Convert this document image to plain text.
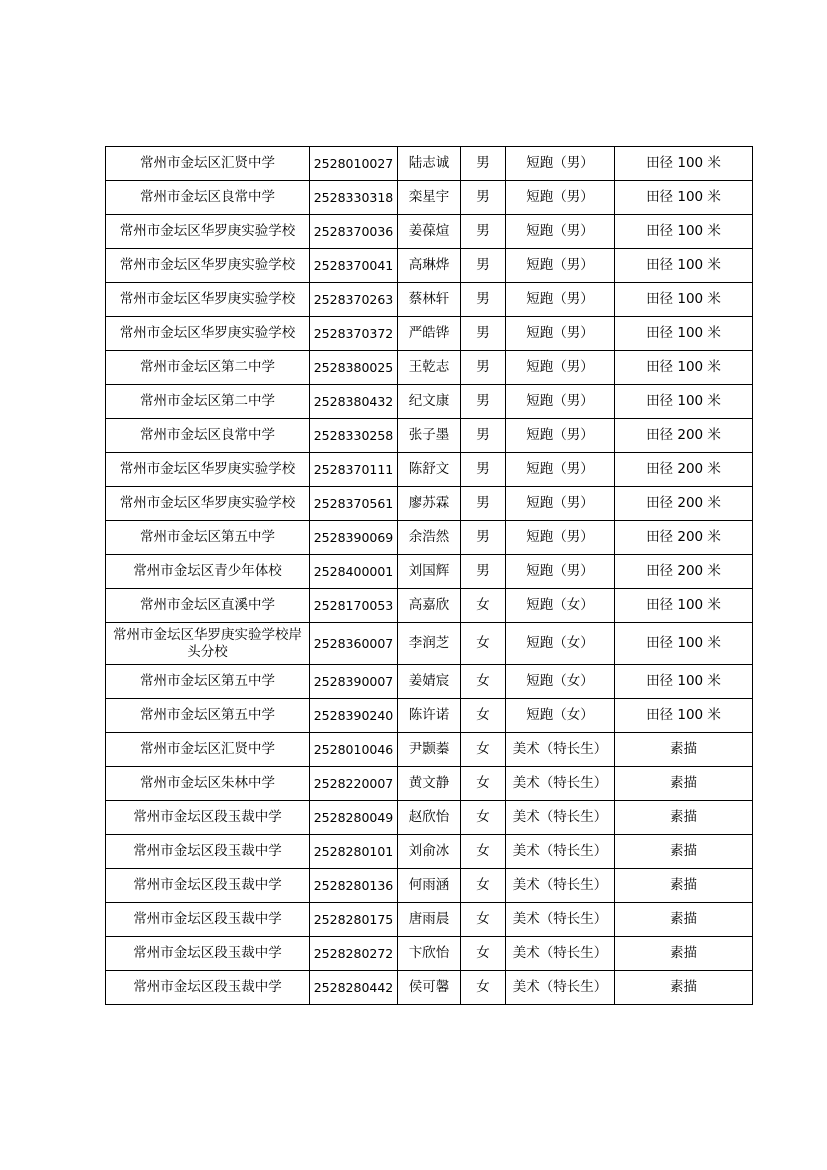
常州市金坛区汇贤中学	2528010027	陆志诚	男	短跑（男）	田径 100 米
常州市金坛区良常中学	2528330318	栾星宇	男	短跑（男）	田径 100 米
常州市金坛区华罗庚实验学校	2528370036	姜葆煊	男	短跑（男）	田径 100 米
常州市金坛区华罗庚实验学校	2528370041	高琳烨	男	短跑（男）	田径 100 米
常州市金坛区华罗庚实验学校	2528370263	蔡林轩	男	短跑（男）	田径 100 米
常州市金坛区华罗庚实验学校	2528370372	严皓铧	男	短跑（男）	田径 100 米
常州市金坛区第二中学	2528380025	王乾志	男	短跑（男）	田径 100 米
常州市金坛区第二中学	2528380432	纪文康	男	短跑（男）	田径 100 米
常州市金坛区良常中学	2528330258	张子墨	男	短跑（男）	田径 200 米
常州市金坛区华罗庚实验学校	2528370111	陈舒文	男	短跑（男）	田径 200 米
常州市金坛区华罗庚实验学校	2528370561	廖苏霖	男	短跑（男）	田径 200 米
常州市金坛区第五中学	2528390069	余浩然	男	短跑（男）	田径 200 米
常州市金坛区青少年体校	2528400001	刘国辉	男	短跑（男）	田径 200 米
常州市金坛区直溪中学	2528170053	高嘉欣	女	短跑（女）	田径 100 米
常州市金坛区华罗庚实验学校岸头分校	2528360007	李润芝	女	短跑（女）	田径 100 米
常州市金坛区第五中学	2528390007	姜婧宸	女	短跑（女）	田径 100 米
常州市金坛区第五中学	2528390240	陈许诺	女	短跑（女）	田径 100 米
常州市金坛区汇贤中学	2528010046	尹颢蓁	女	美术（特长生）	素描
常州市金坛区朱林中学	2528220007	黄文静	女	美术（特长生）	素描
常州市金坛区段玉裁中学	2528280049	赵欣怡	女	美术（特长生）	素描
常州市金坛区段玉裁中学	2528280101	刘俞冰	女	美术（特长生）	素描
常州市金坛区段玉裁中学	2528280136	何雨涵	女	美术（特长生）	素描
常州市金坛区段玉裁中学	2528280175	唐雨晨	女	美术（特长生）	素描
常州市金坛区段玉裁中学	2528280272	卞欣怡	女	美术（特长生）	素描
常州市金坛区段玉裁中学	2528280442	侯可馨	女	美术（特长生）	素描
